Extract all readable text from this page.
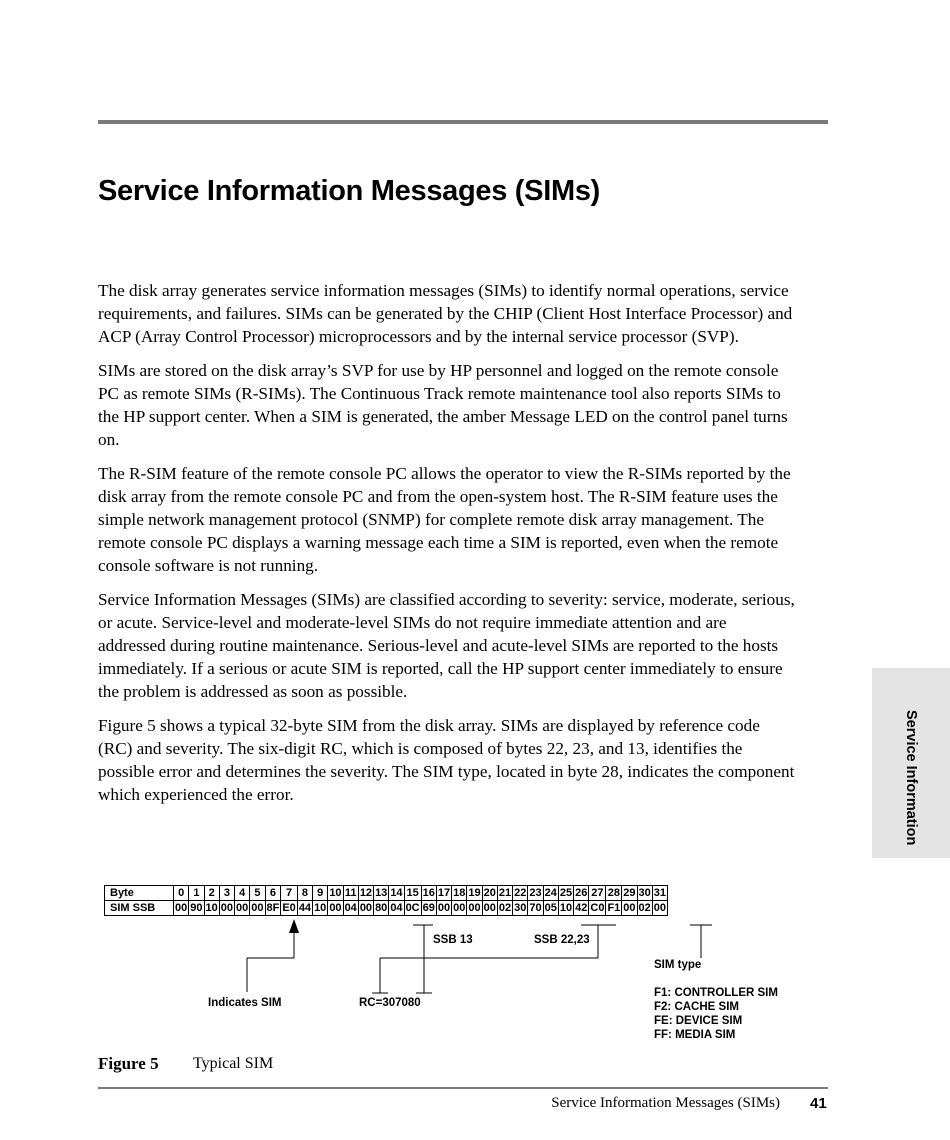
Service Information Messages (SIMs)

The disk array generates service information messages (SIMs) to identify normal operations, service requirements, and failures. SIMs can be generated by the CHIP (Client Host Interface Processor) and ACP (Array Control Processor) microprocessors and by the internal service processor (SVP).

SIMs are stored on the disk array’s SVP for use by HP personnel and logged on the remote console PC as remote SIMs (R-SIMs). The Continuous Track remote maintenance tool also reports SIMs to the HP support center. When a SIM is generated, the amber Message LED on the control panel turns on.

The R-SIM feature of the remote console PC allows the operator to view the R-SIMs reported by the disk array from the remote console PC and from the open-system host. The R-SIM feature uses the simple network management protocol (SNMP) for complete remote disk array management. The remote console PC displays a warning message each time a SIM is reported, even when the remote console software is not running.

Service Information Messages (SIMs) are classified according to severity: service, moderate, serious, or acute. Service-level and moderate-level SIMs do not require immediate attention and are addressed during routine maintenance. Serious-level and acute-level SIMs are reported to the hosts immediately. If a serious or acute SIM is reported, call the HP support center immediately to ensure the problem is addressed as soon as possible.

Figure 5 shows a typical 32-byte SIM from the disk array. SIMs are displayed by reference code (RC) and severity. The six-digit RC, which is composed of bytes 22, 23, and 13, identifies the possible error and determines the severity. The SIM type, located in byte 28, indicates the component which experienced the error.	Service Information
Byte	0	1	2	3	4	5	6	7	8	9	10	11	12	13	14	15	16	17	18	19	20	21	22	23	24	25	26	27	28	29	30	31
SIM SSB	00	90	10	00	00	00	8F	E0	44	10	00	04	00	80	04	0C	69	00	00	00	00	02	30	70	05	10	42	C0	F1	00	02	00
SSB 13	SSB 22,23
SIM type
Indicates SIM	RC=307080
F1: CONTROLLER SIM
F2: CACHE SIM
FE: DEVICE SIM
FF: MEDIA SIM
Figure 5 Typical SIM
Service Information Messages (SIMs) 41
